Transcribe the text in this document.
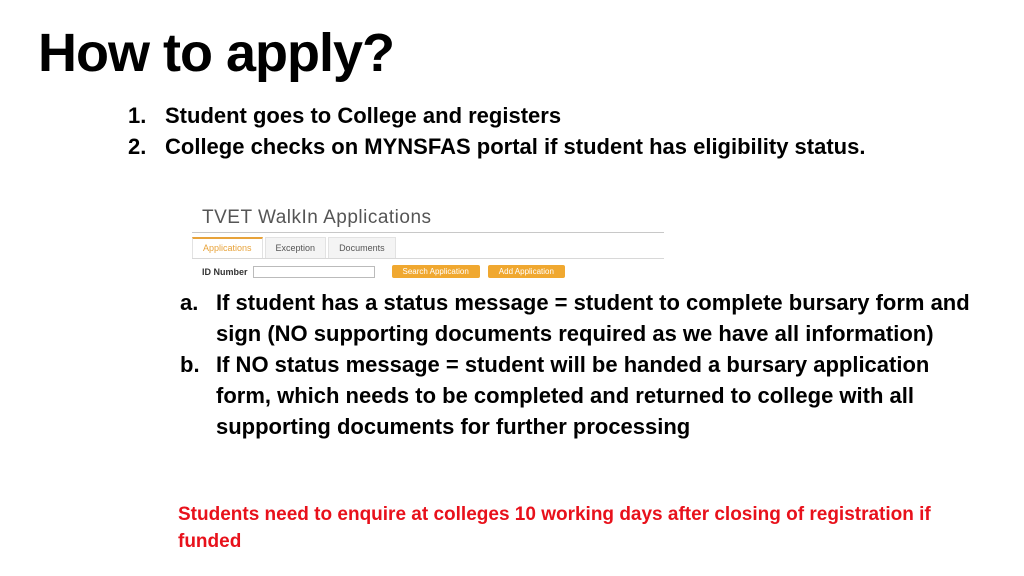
How to apply?
1. Student goes to College and registers
2. College checks on MYNSFAS portal if student has eligibility status.
TVET WalkIn Applications
Applications	Exception	Documents
ID Number	Search Application	Add Application
a. If student has a status message = student to complete bursary form and sign (NO supporting documents required as we have all information)
b. If NO status message = student will be handed a bursary application form, which needs to be completed and returned to college with all supporting documents for further processing
Students need to enquire at colleges 10 working days after closing of registration if funded
